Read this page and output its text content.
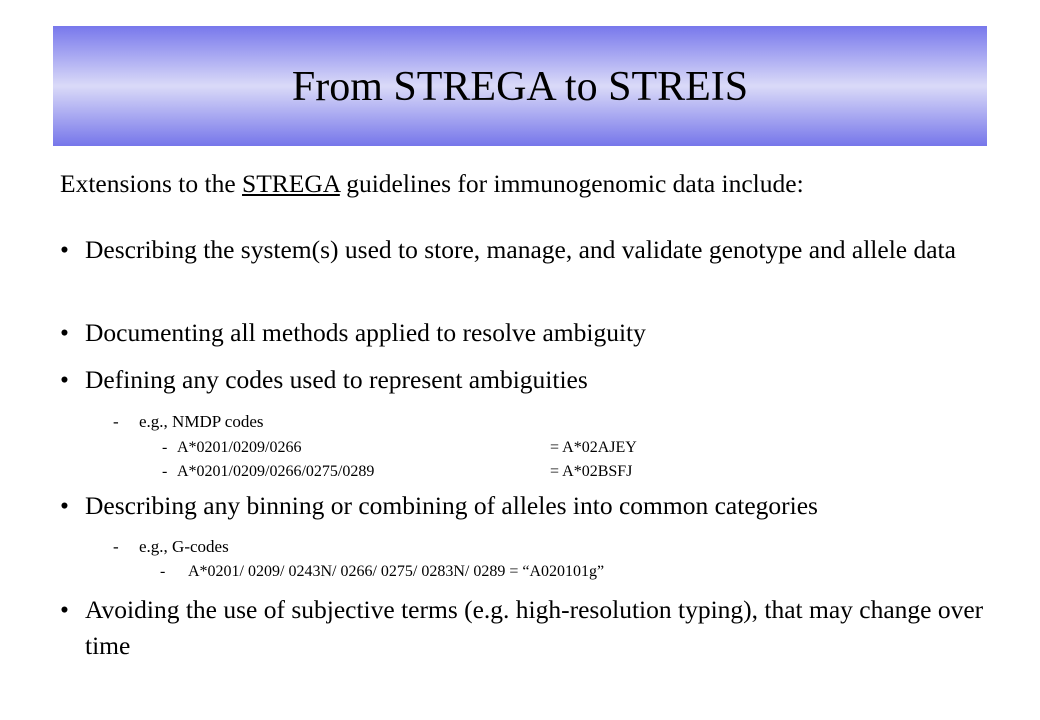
From STREGA to STREIS
Extensions to the STREGA guidelines for immunogenomic data include:
• Describing the system(s) used to store, manage, and validate genotype and allele data
• Documenting all methods applied to resolve ambiguity
• Defining any codes used to represent ambiguities
- e.g., NMDP codes
- A*0201/0209/0266	= A*02AJEY
- A*0201/0209/0266/0275/0289	= A*02BSFJ
• Describing any binning or combining of alleles into common categories
- e.g., G-codes
- A*0201/ 0209/ 0243N/ 0266/ 0275/ 0283N/ 0289 = “A020101g”
• Avoiding the use of subjective terms (e.g. high-resolution typing), that may change over time
